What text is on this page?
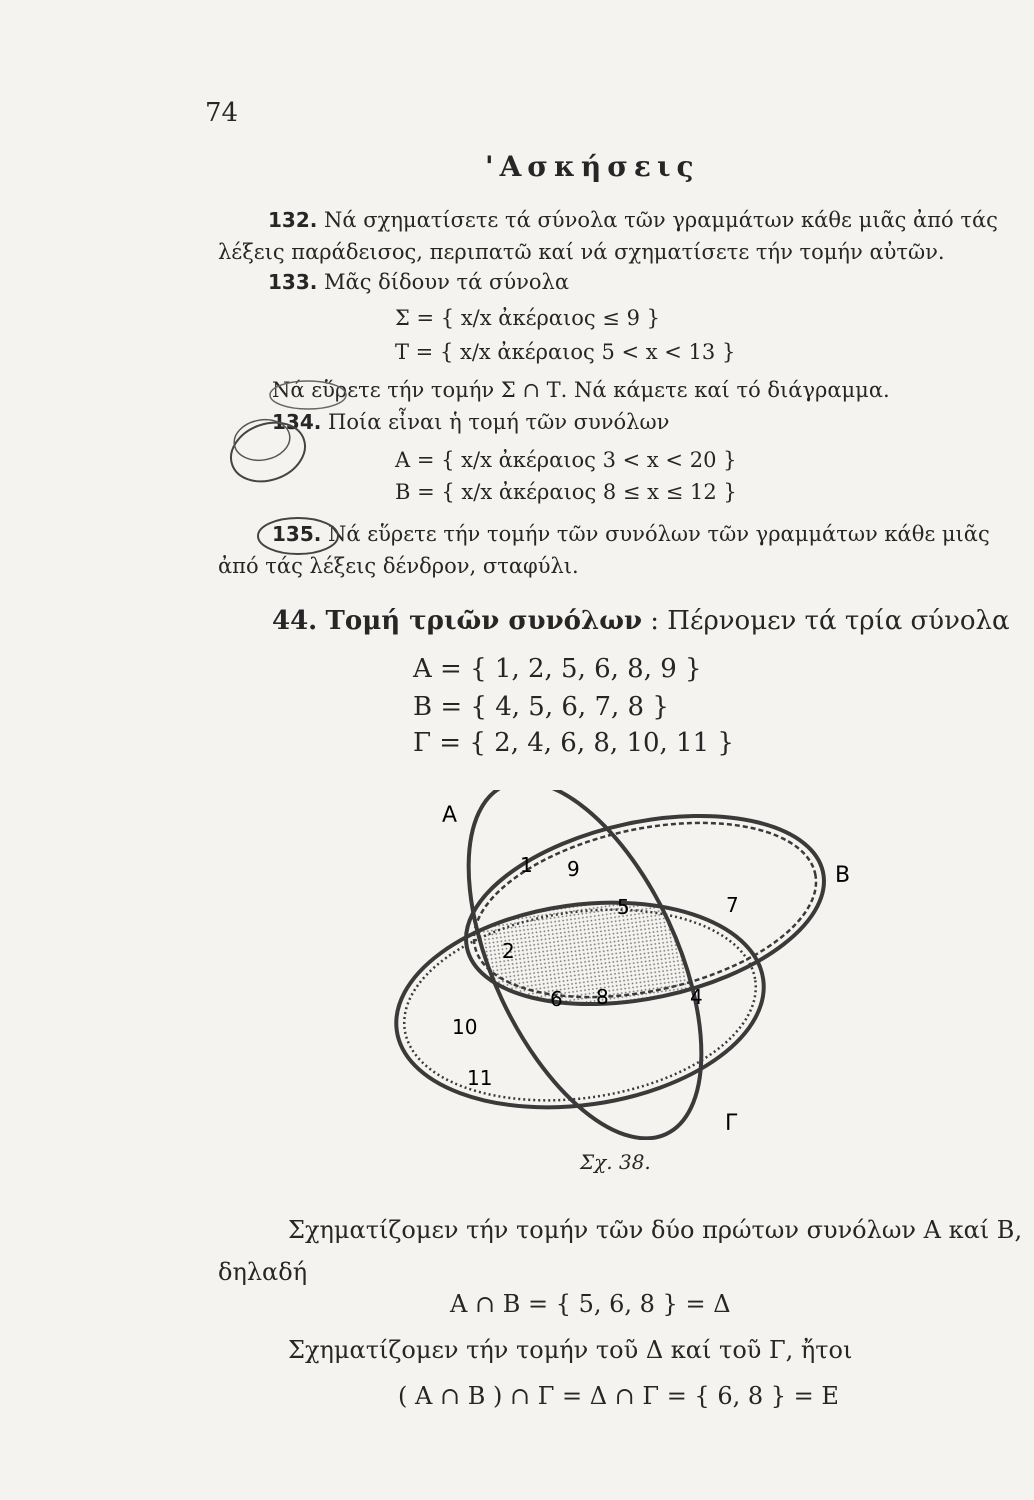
74
'Ασκήσεις
132. Νά σχηματίσετε τά σύνολα τῶν γραμμάτων κάθε μιᾶς ἀπό τάς
λέξεις παράδεισος, περιπατῶ καί νά σχηματίσετε τήν τομήν αὐτῶν.
133. Μᾶς δίδουν τά σύνολα
Σ = { x/x ἀκέραιος ≤ 9 }
Τ = { x/x ἀκέραιος 5 < x < 13 }
Νά εὕρετε τήν τομήν Σ ∩ Τ. Νά κάμετε καί τό διάγραμμα.
134. Ποία εἶναι ἡ τομή τῶν συνόλων
Α = { x/x ἀκέραιος 3 < x < 20 }
Β = { x/x ἀκέραιος 8 ≤ x ≤ 12 }
135. Νά εὕρετε τήν τομήν τῶν συνόλων τῶν γραμμάτων κάθε μιᾶς
ἀπό τάς λέξεις δένδρον, σταφύλι.
44. Τομή τριῶν συνόλων : Πέρνομεν τά τρία σύνολα
Α = { 1, 2, 5, 6, 8, 9 }
Β = { 4, 5, 6, 7, 8 }
Γ = { 2, 4, 6, 8, 10, 11 }
Α
Β
Γ
1 9
5	7
2
6 8	4
10
11
Σχ. 38.
Σχηματίζομεν τήν τομήν τῶν δύο πρώτων συνόλων Α καί Β,
δηλαδή
Α ∩ Β = { 5, 6, 8 } = Δ
Σχηματίζομεν τήν τομήν τοῦ Δ καί τοῦ Γ, ἤτοι
( Α ∩ Β ) ∩ Γ = Δ ∩ Γ = { 6, 8 } = Ε
